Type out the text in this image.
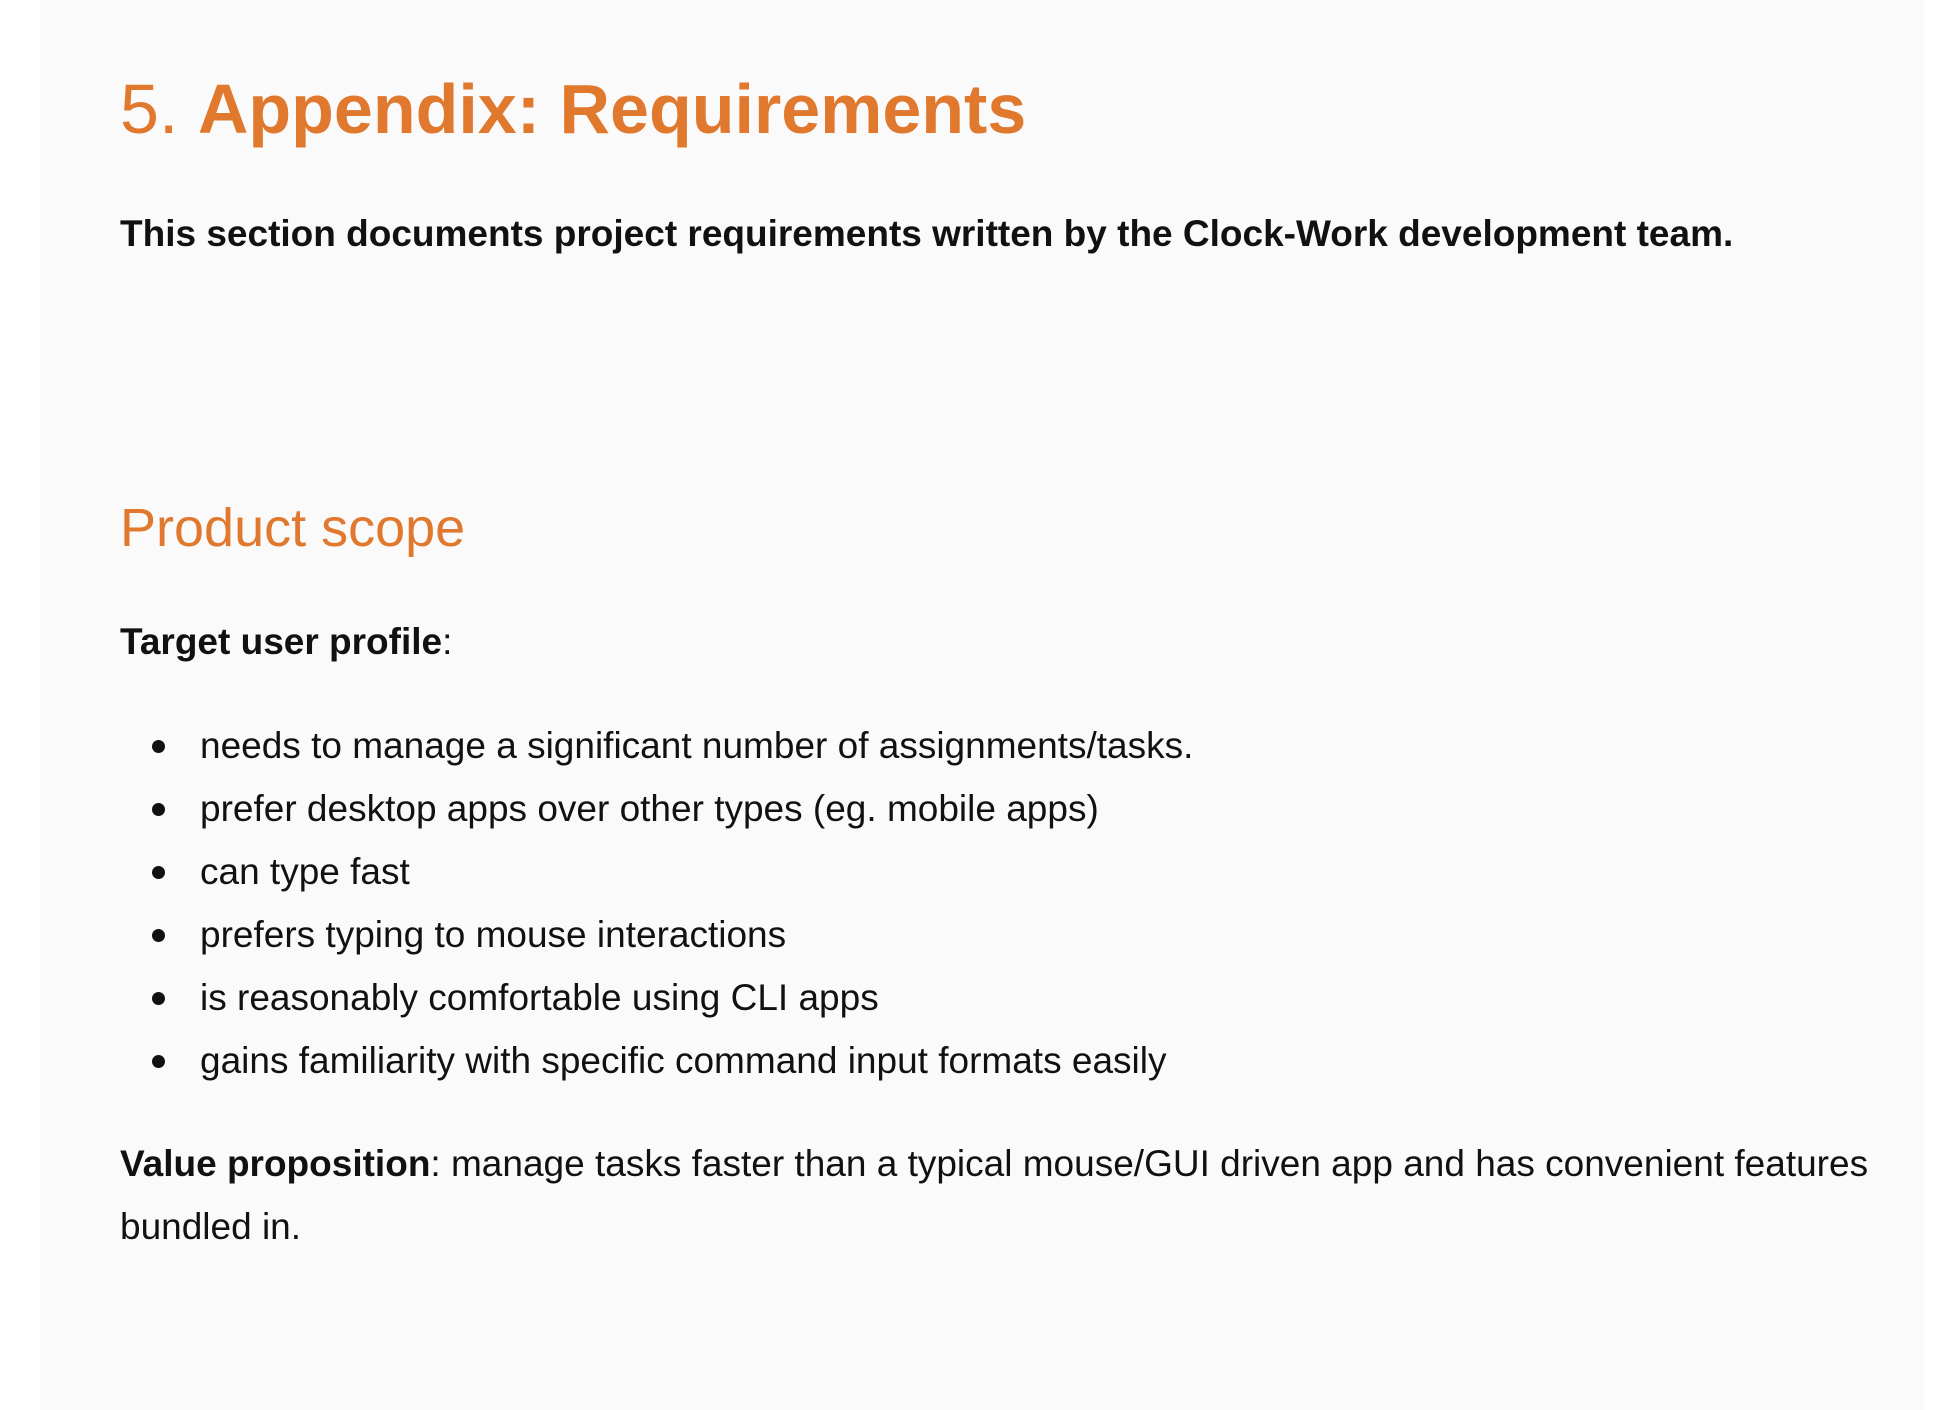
5. Appendix: Requirements

This section documents project requirements written by the Clock-Work development team.

Product scope

Target user profile:

needs to manage a significant number of assignments/tasks.
prefer desktop apps over other types (eg. mobile apps)
can type fast
prefers typing to mouse interactions
is reasonably comfortable using CLI apps
gains familiarity with specific command input formats easily

Value proposition: manage tasks faster than a typical mouse/GUI driven app and has convenient features bundled in.
